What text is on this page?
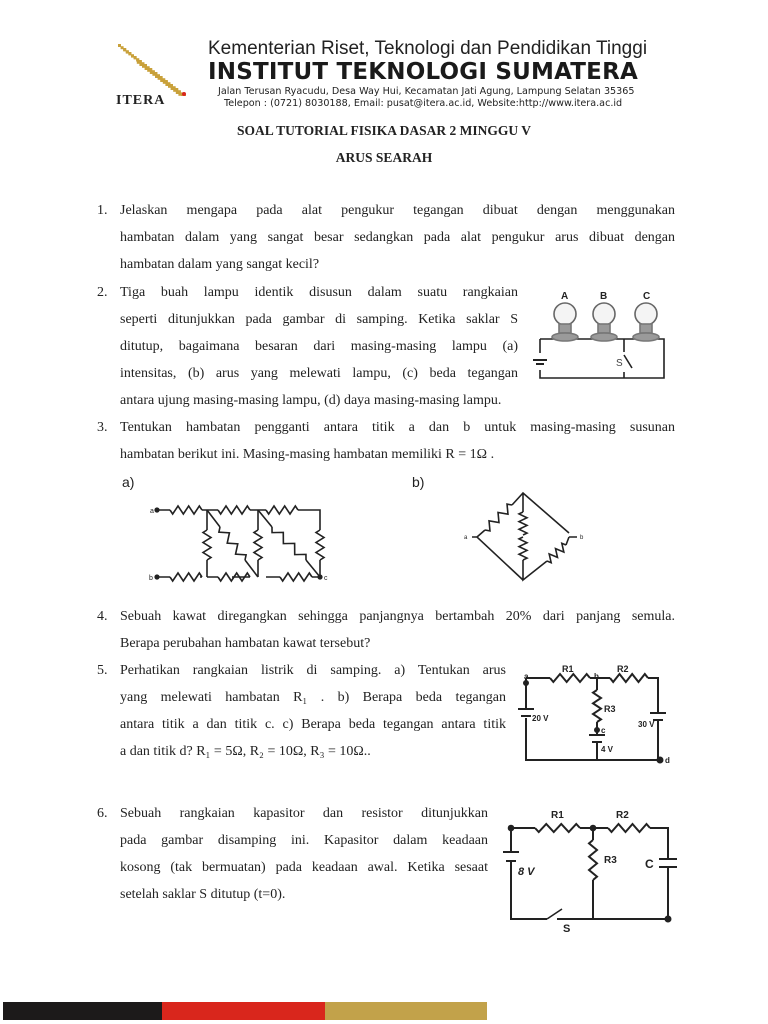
ITERA
Kementerian Riset, Teknologi dan Pendidikan Tinggi
INSTITUT TEKNOLOGI SUMATERA
Jalan Terusan Ryacudu, Desa Way Hui, Kecamatan Jati Agung, Lampung Selatan 35365
Telepon : (0721) 8030188, Email: pusat@itera.ac.id, Website:http://www.itera.ac.id
SOAL TUTORIAL FISIKA DASAR 2 MINGGU V
ARUS SEARAH
1. Jelaskan mengapa pada alat pengukur tegangan dibuat dengan menggunakan
hambatan dalam yang sangat besar sedangkan pada alat pengukur arus dibuat dengan
hambatan dalam yang sangat kecil?
2. Tiga buah lampu identik disusun dalam suatu rangkaian
seperti ditunjukkan pada gambar di samping. Ketika saklar S
ditutup, bagaimana besaran dari masing-masing lampu (a)
intensitas, (b) arus yang melewati lampu, (c) beda tegangan
antara ujung masing-masing lampu, (d) daya masing-masing lampu.
3. Tentukan hambatan pengganti antara titik a dan b untuk masing-masing susunan
hambatan berikut ini. Masing-masing hambatan memiliki R = 1Ω .
4. Sebuah kawat diregangkan sehingga panjangnya bertambah 20% dari panjang semula.
Berapa perubahan hambatan kawat tersebut?
5. Perhatikan rangkaian listrik di samping. a) Tentukan arus
yang melewati hambatan R₁ . b) Berapa beda tegangan
antara titik a dan titik c. c) Berapa beda tegangan antara titik
a dan titik d? R₁ = 5Ω, R₂ = 10Ω, R₃ = 10Ω..
6. Sebuah rangkaian kapasitor dan resistor ditunjukkan
pada gambar disamping ini. Kapasitor dalam keadaan
kosong (tak bermuatan) pada keadaan awal. Ketika sesaat
setelah saklar S ditutup (t=0).
A	B	C
S
a
b	c
a)	b)
a	b
R1	R2
R3
a	b
c
d
20 V
30 V
4 V
R1	R2
R3 C
8 V
S
